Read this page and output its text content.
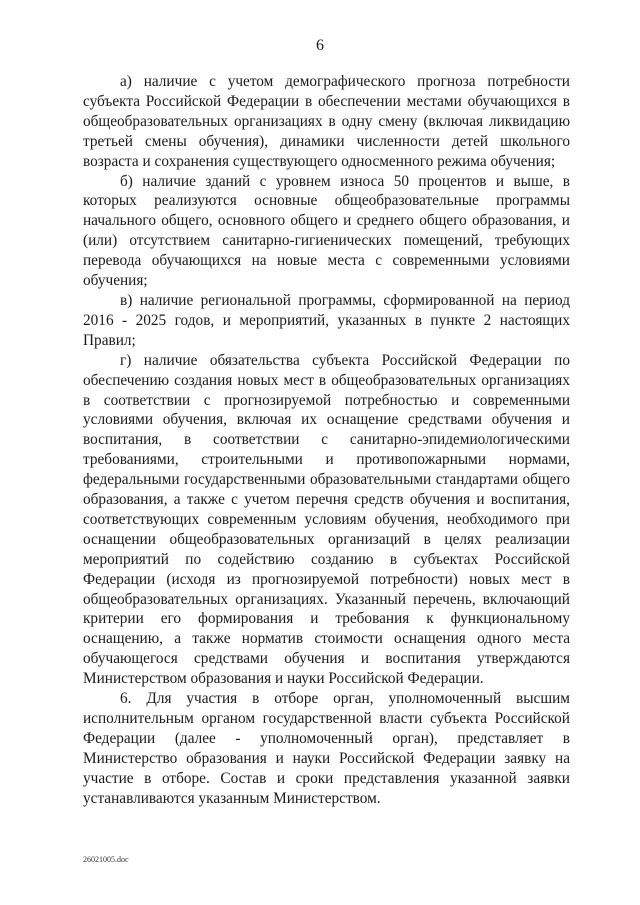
6

а) наличие с учетом демографического прогноза потребности субъекта Российской Федерации в обеспечении местами обучающихся в общеобразовательных организациях в одну смену (включая ликвидацию третьей смены обучения), динамики численности детей школьного возраста и сохранения существующего односменного режима обучения;

б) наличие зданий с уровнем износа 50 процентов и выше, в которых реализуются основные общеобразовательные программы начального общего, основного общего и среднего общего образования, и (или) отсутствием санитарно-гигиенических помещений, требующих перевода обучающихся на новые места с современными условиями обучения;

в) наличие региональной программы, сформированной на период 2016 - 2025 годов, и мероприятий, указанных в пункте 2 настоящих Правил;

г) наличие обязательства субъекта Российской Федерации по обеспечению создания новых мест в общеобразовательных организациях в соответствии с прогнозируемой потребностью и современными условиями обучения, включая их оснащение средствами обучения и воспитания, в соответствии с санитарно-эпидемиологическими требованиями, строительными и противопожарными нормами, федеральными государственными образовательными стандартами общего образования, а также с учетом перечня средств обучения и воспитания, соответствующих современным условиям обучения, необходимого при оснащении общеобразовательных организаций в целях реализации мероприятий по содействию созданию в субъектах Российской Федерации (исходя из прогнозируемой потребности) новых мест в общеобразовательных организациях. Указанный перечень, включающий критерии его формирования и требования к функциональному оснащению, а также норматив стоимости оснащения одного места обучающегося средствами обучения и воспитания утверждаются Министерством образования и науки Российской Федерации.

6. Для участия в отборе орган, уполномоченный высшим исполнительным органом государственной власти субъекта Российской Федерации (далее - уполномоченный орган), представляет в Министерство образования и науки Российской Федерации заявку на участие в отборе. Состав и сроки представления указанной заявки устанавливаются указанным Министерством.

26021005.doc
